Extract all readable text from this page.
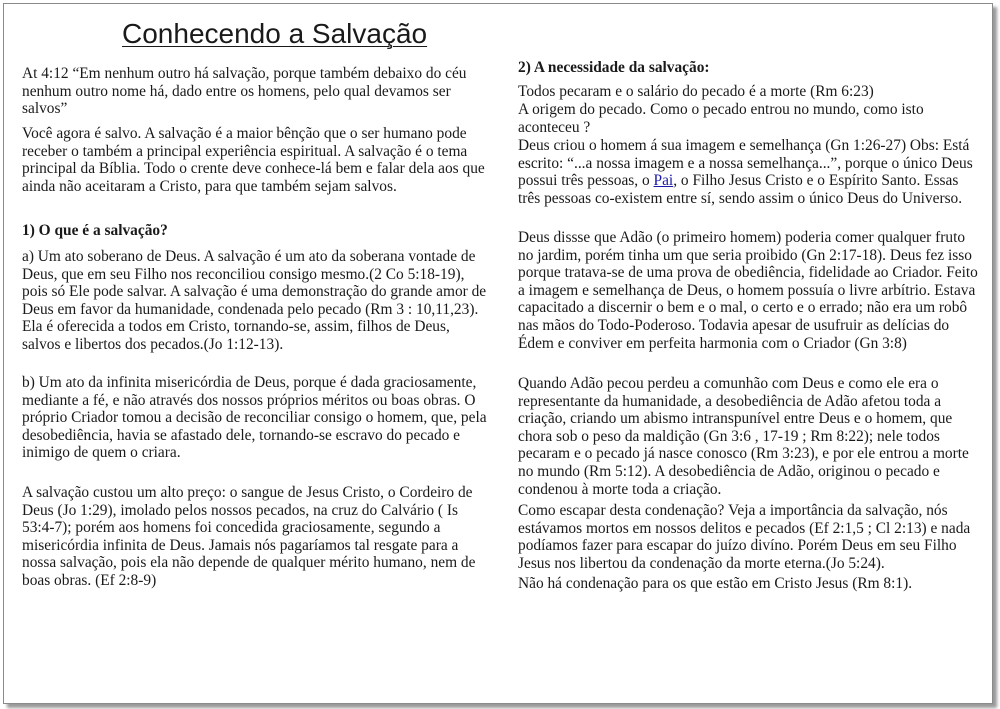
Conhecendo a Salvação

At 4:12 “Em nenhum outro há salvação, porque também debaixo do céu nenhum outro nome há, dado entre os homens, pelo qual devamos ser salvos”

Você agora é salvo. A salvação é a maior bênção que o ser humano pode receber o também a principal experiência espiritual. A salvação é o tema principal da Bíblia. Todo o crente deve conhece-lá bem e falar dela aos que ainda não aceitaram a Cristo, para que também sejam salvos.

1) O que é a salvação?

a) Um ato soberano de Deus. A salvação é um ato da soberana vontade de Deus, que em seu Filho nos reconciliou consigo mesmo.(2 Co 5:18-19), pois só Ele pode salvar. A salvação é uma demonstração do grande amor de Deus em favor da humanidade, condenada pelo pecado (Rm 3 : 10,11,23). Ela é oferecida a todos em Cristo, tornando-se, assim, filhos de Deus, salvos e libertos dos pecados.(Jo 1:12-13).

b) Um ato da infinita misericórdia de Deus, porque é dada graciosamente, mediante a fé, e não através dos nossos próprios méritos ou boas obras. O próprio Criador tomou a decisão de reconciliar consigo o homem, que, pela desobediência, havia se afastado dele, tornando-se escravo do pecado e inimigo de quem o criara.

A salvação custou um alto preço: o sangue de Jesus Cristo, o Cordeiro de Deus (Jo 1:29), imolado pelos nossos pecados, na cruz do Calvário ( Is 53:4-7); porém aos homens foi concedida graciosamente, segundo a misericórdia infinita de Deus. Jamais nós pagaríamos tal resgate para a nossa salvação, pois ela não depende de qualquer mérito humano, nem de boas obras. (Ef 2:8-9)

2) A necessidade da salvação:

Todos pecaram e o salário do pecado é a morte (Rm 6:23)

A origem do pecado. Como o pecado entrou no mundo, como isto aconteceu ?

Deus criou o homem á sua imagem e semelhança (Gn 1:26-27) Obs: Está escrito: “...a nossa imagem e a nossa semelhança...”, porque o único Deus possui três pessoas, o Pai, o Filho Jesus Cristo e o Espírito Santo. Essas três pessoas co-existem entre sí, sendo assim o único Deus do Universo.

Deus dissse que Adão (o primeiro homem) poderia comer qualquer fruto no jardim, porém tinha um que seria proibido (Gn 2:17-18). Deus fez isso porque tratava-se de uma prova de obediência, fidelidade ao Criador. Feito a imagem e semelhança de Deus, o homem possuía o livre arbítrio. Estava capacitado a discernir o bem e o mal, o certo e o errado; não era um robô nas mãos do Todo-Poderoso. Todavia apesar de usufruir as delícias do Édem e conviver em perfeita harmonia com o Criador (Gn 3:8)

Quando Adão pecou perdeu a comunhão com Deus e como ele era o representante da humanidade, a desobediência de Adão afetou toda a criação, criando um abismo intranspunível entre Deus e o homem, que chora sob o peso da maldição (Gn 3:6 , 17-19 ; Rm 8:22); nele todos pecaram e o pecado já nasce conosco (Rm 3:23), e por ele entrou a morte no mundo (Rm 5:12). A desobediência de Adão, originou o pecado e condenou à morte toda a criação.

Como escapar desta condenação? Veja a importância da salvação, nós estávamos mortos em nossos delitos e pecados (Ef 2:1,5 ; Cl 2:13) e nada podíamos fazer para escapar do juízo divíno. Porém Deus em seu Filho Jesus nos libertou da condenação da morte eterna.(Jo 5:24).

Não há condenação para os que estão em Cristo Jesus (Rm 8:1).
